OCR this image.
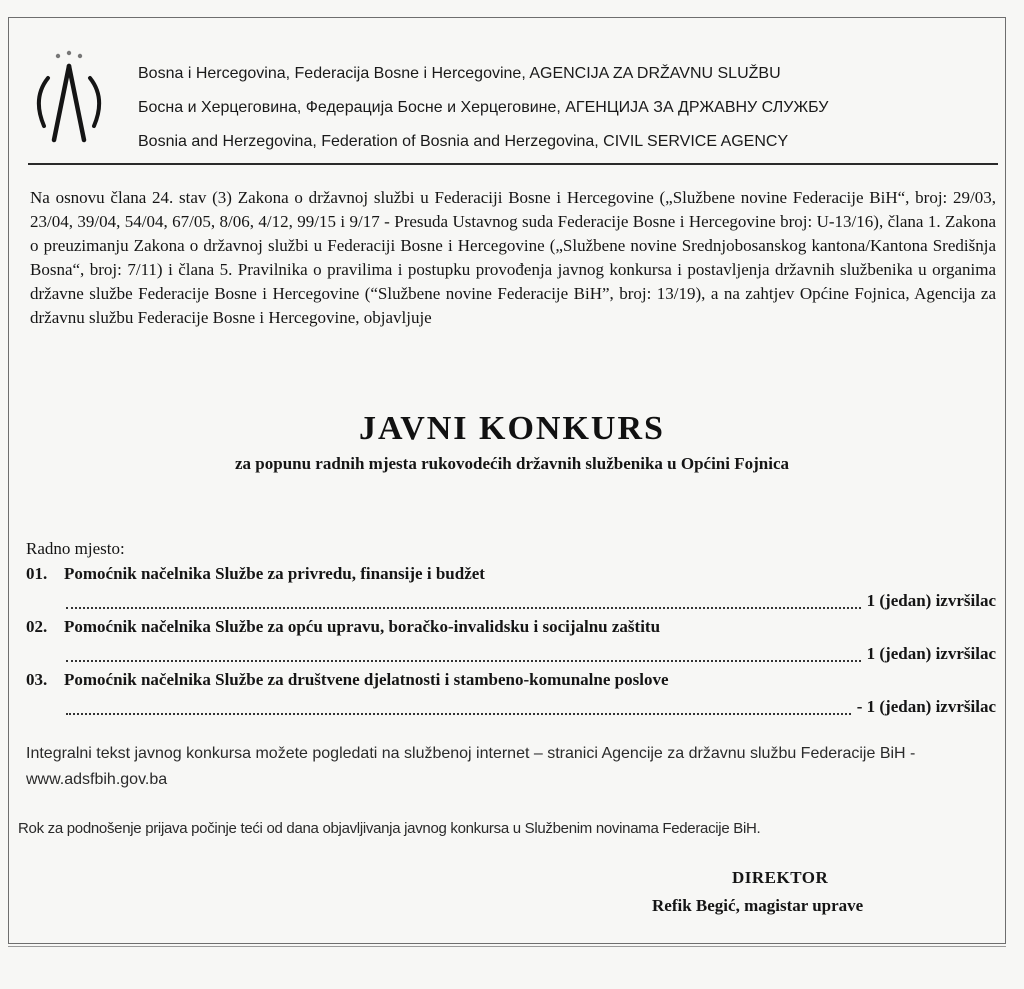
Bosna i Hercegovina, Federacija Bosne i Hercegovine, AGENCIJA ZA DRŽAVNU SLUŽBU
Босна и Херцеговина, Федерација Босне и Херцеговине, АГЕНЦИЈА ЗА ДРЖАВНУ СЛУЖБУ
Bosnia and Herzegovina, Federation of Bosnia and Herzegovina, CIVIL SERVICE AGENCY
Na osnovu člana 24. stav (3) Zakona o državnoj službi u Federaciji Bosne i Hercegovine („Službene novine Federacije BiH“, broj: 29/03, 23/04, 39/04, 54/04, 67/05, 8/06, 4/12, 99/15 i 9/17 - Presuda Ustavnog suda Federacije Bosne i Hercegovine broj: U-13/16), člana 1. Zakona o preuzimanju Zakona o državnoj službi u Federaciji Bosne i Hercegovine („Službene novine Srednjobosanskog kantona/Kantona Središnja Bosna“, broj: 7/11) i člana 5. Pravilnika o pravilima i postupku provođenja javnog konkursa i postavljenja državnih službenika u organima državne službe Federacije Bosne i Hercegovine (“Službene novine Federacije BiH”, broj: 13/19), a na zahtjev Općine Fojnica, Agencija za državnu službu Federacije Bosne i Hercegovine, objavljuje
JAVNI KONKURS
za popunu radnih mjesta rukovodećih državnih službenika u Općini Fojnica
Radno mjesto:
01. Pomoćnik načelnika Službe za privredu, finansije i budžet
1 (jedan) izvršilac
02. Pomoćnik načelnika Službe za opću upravu, boračko-invalidsku i socijalnu zaštitu
1 (jedan) izvršilac
03. Pomoćnik načelnika Službe za društvene djelatnosti i stambeno-komunalne poslove
- 1 (jedan) izvršilac
Integralni tekst javnog konkursa možete pogledati na službenoj internet – stranici Agencije za državnu službu Federacije BiH - www.adsfbih.gov.ba
Rok za podnošenje prijava počinje teći od dana objavljivanja javnog konkursa u Službenim novinama Federacije BiH.
DIREKTOR
Refik Begić, magistar uprave
